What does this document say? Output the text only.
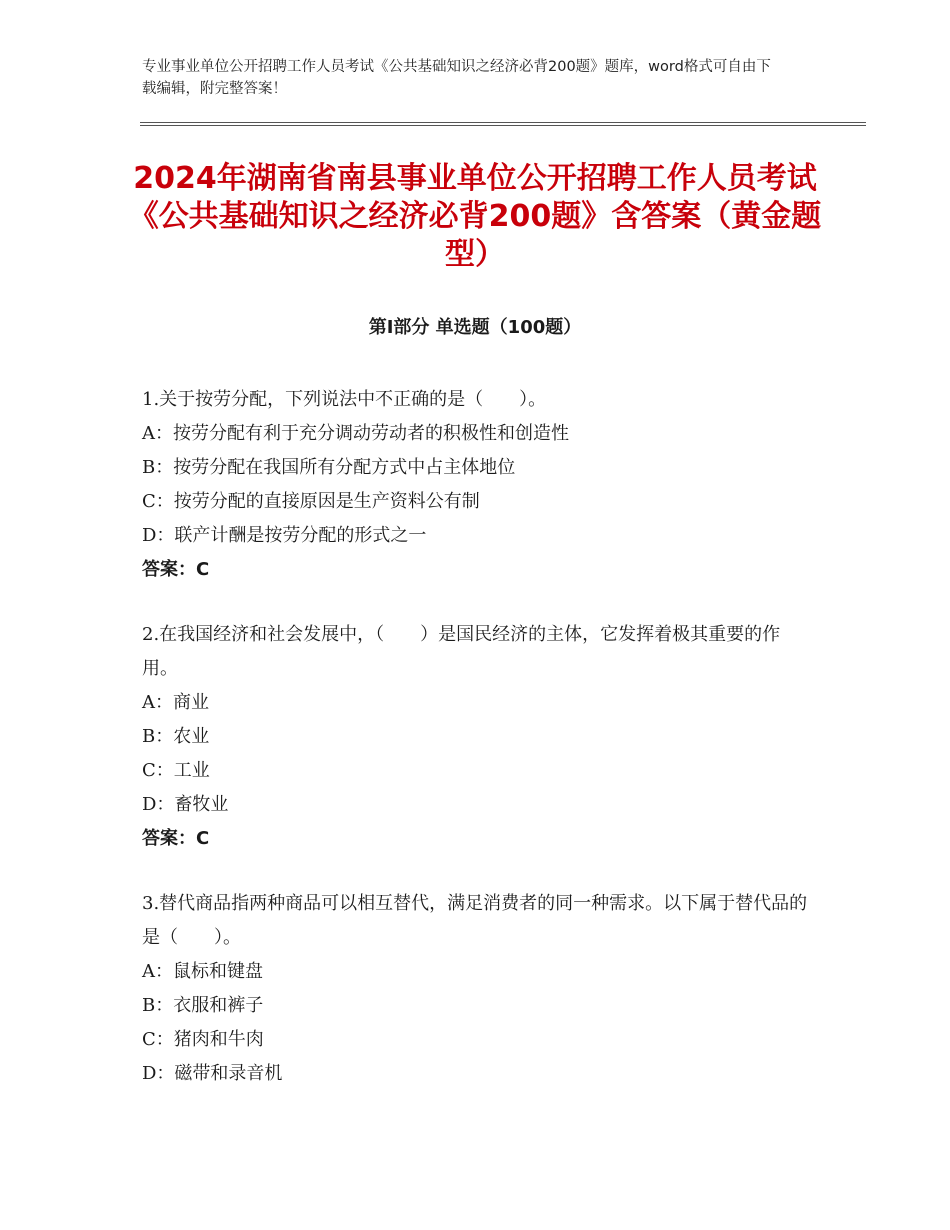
专业事业单位公开招聘工作人员考试《公共基础知识之经济必背200题》题库，word格式可自由下载编辑，附完整答案！
2024年湖南省南县事业单位公开招聘工作人员考试《公共基础知识之经济必背200题》含答案（黄金题型）
第Ⅰ部分 单选题（100题）

1.关于按劳分配，下列说法中不正确的是（　　）。

A：按劳分配有利于充分调动劳动者的积极性和创造性

B：按劳分配在我国所有分配方式中占主体地位

C：按劳分配的直接原因是生产资料公有制

D：联产计酬是按劳分配的形式之一

答案：C

2.在我国经济和社会发展中，（　　）是国民经济的主体，它发挥着极其重要的作用。

A：商业

B：农业

C：工业

D：畜牧业

答案：C

3.替代商品指两种商品可以相互替代，满足消费者的同一种需求。以下属于替代品的是（　　）。

A：鼠标和键盘

B：衣服和裤子

C：猪肉和牛肉

D：磁带和录音机
